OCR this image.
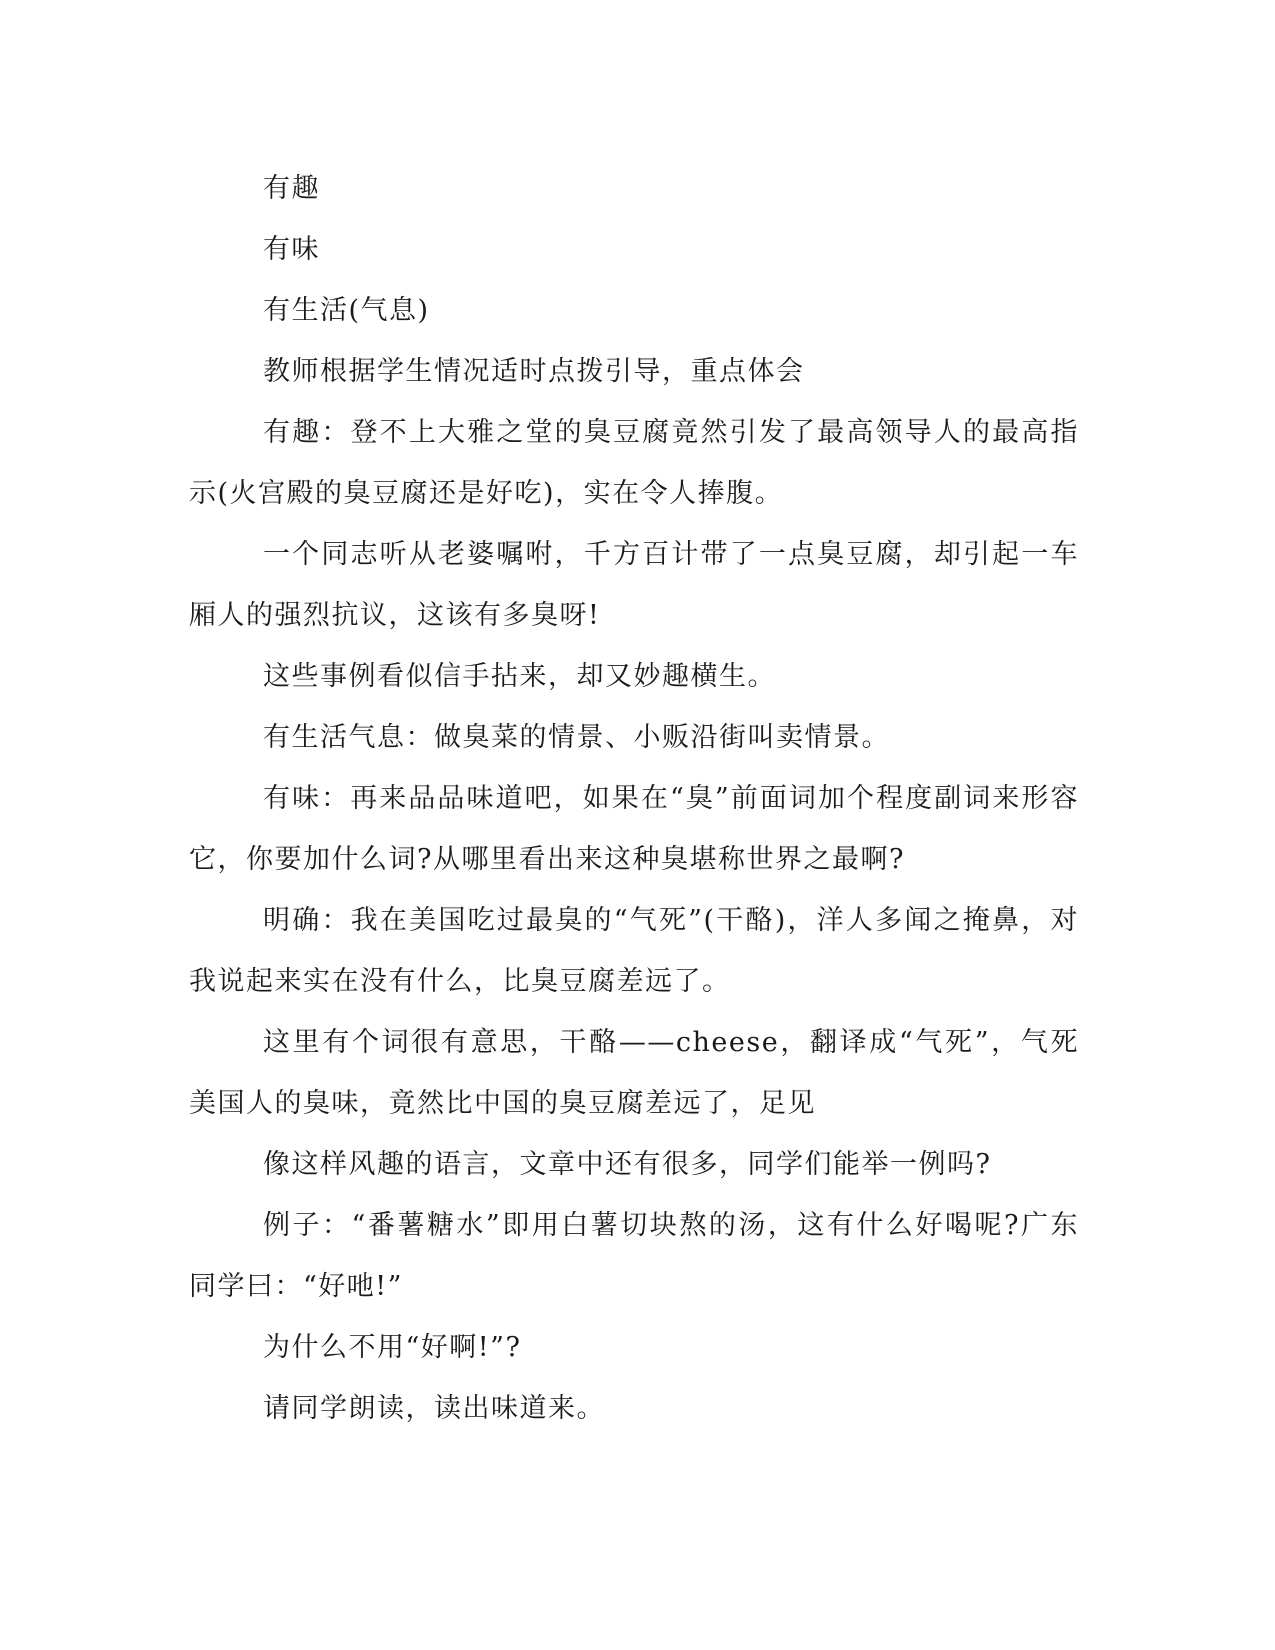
有趣

有味

有生活(气息)

教师根据学生情况适时点拨引导，重点体会

有趣：登不上大雅之堂的臭豆腐竟然引发了最高领导人的最高指示(火宫殿的臭豆腐还是好吃)，实在令人捧腹。

一个同志听从老婆嘱咐，千方百计带了一点臭豆腐，却引起一车厢人的强烈抗议，这该有多臭呀!

这些事例看似信手拈来，却又妙趣横生。

有生活气息：做臭菜的情景、小贩沿街叫卖情景。

有味：再来品品味道吧，如果在“臭”前面词加个程度副词来形容它，你要加什么词?从哪里看出来这种臭堪称世界之最啊?

明确：我在美国吃过最臭的“气死”(干酪)，洋人多闻之掩鼻，对我说起来实在没有什么，比臭豆腐差远了。

这里有个词很有意思，干酪——cheese，翻译成“气死”，气死美国人的臭味，竟然比中国的臭豆腐差远了，足见

像这样风趣的语言，文章中还有很多，同学们能举一例吗?

例子：“番薯糖水”即用白薯切块熬的汤，这有什么好喝呢?广东同学曰：“好吔!”

为什么不用“好啊!”?

请同学朗读，读出味道来。
